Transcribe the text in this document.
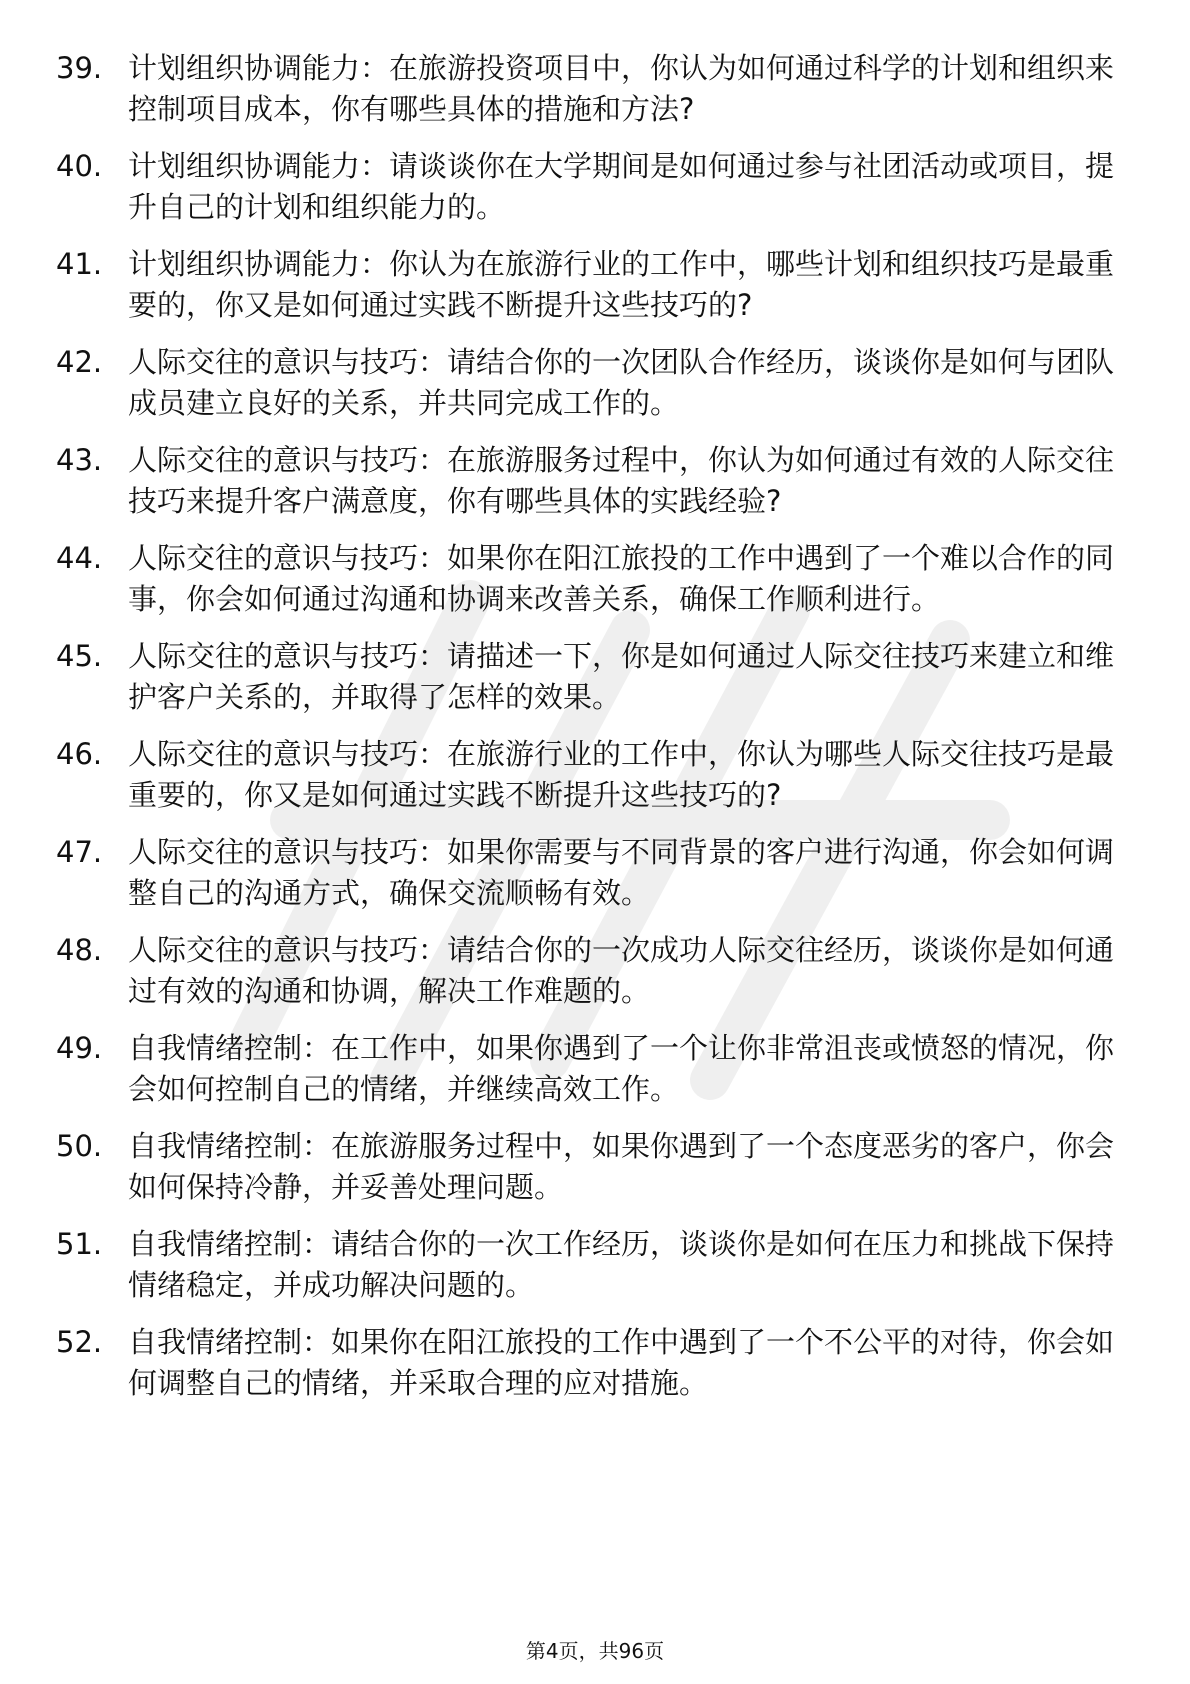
39. 计划组织协调能力：在旅游投资项目中，你认为如何通过科学的计划和组织来控制项目成本，你有哪些具体的措施和方法?
40. 计划组织协调能力：请谈谈你在大学期间是如何通过参与社团活动或项目，提升自己的计划和组织能力的。
41. 计划组织协调能力：你认为在旅游行业的工作中，哪些计划和组织技巧是最重要的，你又是如何通过实践不断提升这些技巧的?
42. 人际交往的意识与技巧：请结合你的一次团队合作经历，谈谈你是如何与团队成员建立良好的关系，并共同完成工作的。
43. 人际交往的意识与技巧：在旅游服务过程中，你认为如何通过有效的人际交往技巧来提升客户满意度，你有哪些具体的实践经验?
44. 人际交往的意识与技巧：如果你在阳江旅投的工作中遇到了一个难以合作的同事，你会如何通过沟通和协调来改善关系，确保工作顺利进行。
45. 人际交往的意识与技巧：请描述一下，你是如何通过人际交往技巧来建立和维护客户关系的，并取得了怎样的效果。
46. 人际交往的意识与技巧：在旅游行业的工作中，你认为哪些人际交往技巧是最重要的，你又是如何通过实践不断提升这些技巧的?
47. 人际交往的意识与技巧：如果你需要与不同背景的客户进行沟通，你会如何调整自己的沟通方式，确保交流顺畅有效。
48. 人际交往的意识与技巧：请结合你的一次成功人际交往经历，谈谈你是如何通过有效的沟通和协调，解决工作难题的。
49. 自我情绪控制：在工作中，如果你遇到了一个让你非常沮丧或愤怒的情况，你会如何控制自己的情绪，并继续高效工作。
50. 自我情绪控制：在旅游服务过程中，如果你遇到了一个态度恶劣的客户，你会如何保持冷静，并妥善处理问题。
51. 自我情绪控制：请结合你的一次工作经历，谈谈你是如何在压力和挑战下保持情绪稳定，并成功解决问题的。
52. 自我情绪控制：如果你在阳江旅投的工作中遇到了一个不公平的对待，你会如何调整自己的情绪，并采取合理的应对措施。
第4页，共96页
